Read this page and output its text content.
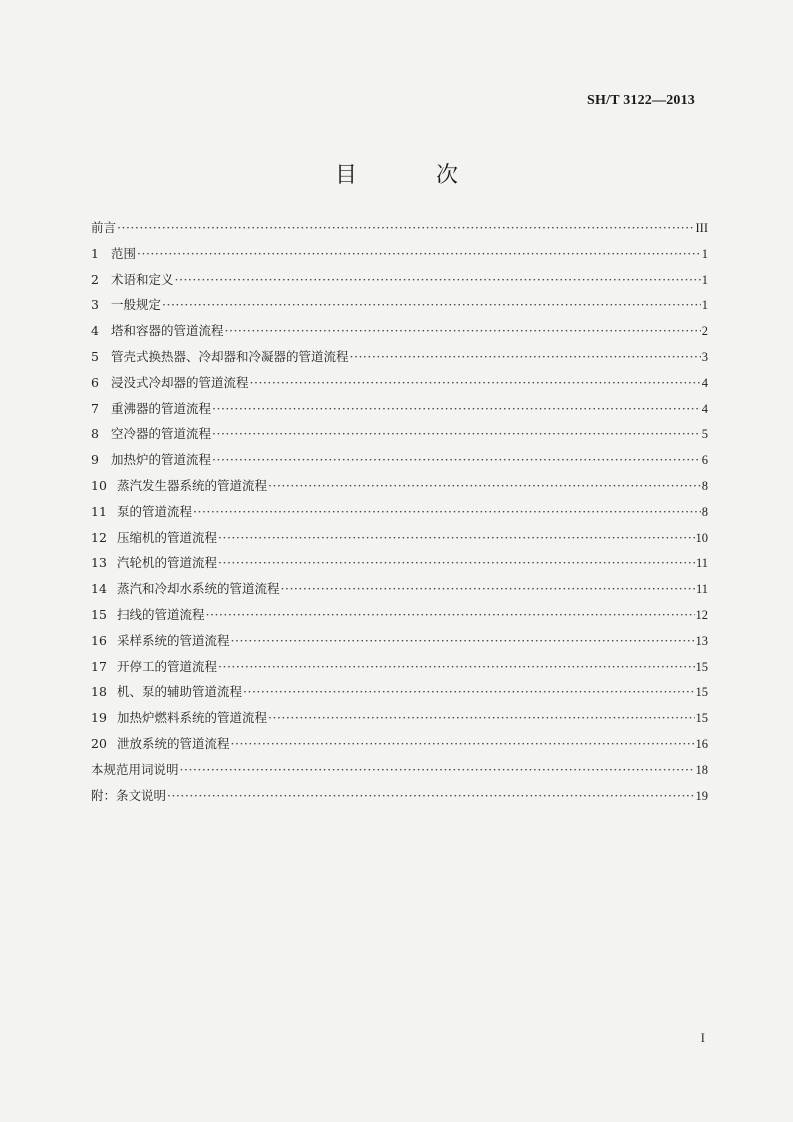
SH/T 3122—2013
目 次
前言 ·····	III
1 范围 ·····	1
2 术语和定义 ·····	1
3 一般规定 ·····	1
4 塔和容器的管道流程 ·····	2
5 管壳式换热器、冷却器和冷凝器的管道流程 ·····	3
6 浸没式冷却器的管道流程 ·····	4
7 重沸器的管道流程 ·····	4
8 空冷器的管道流程 ·····	5
9 加热炉的管道流程 ·····	6
10 蒸汽发生器系统的管道流程 ·····	8
11 泵的管道流程 ·····	8
12 压缩机的管道流程 ·····	10
13 汽轮机的管道流程 ·····	11
14 蒸汽和冷却水系统的管道流程 ·····	11
15 扫线的管道流程 ·····	12
16 采样系统的管道流程 ·····	13
17 开停工的管道流程 ·····	15
18 机、泵的辅助管道流程 ·····	15
19 加热炉燃料系统的管道流程 ·····	15
20 泄放系统的管道流程 ·····	16
本规范用词说明 ·····	18
附：条文说明 ·····	19
I
